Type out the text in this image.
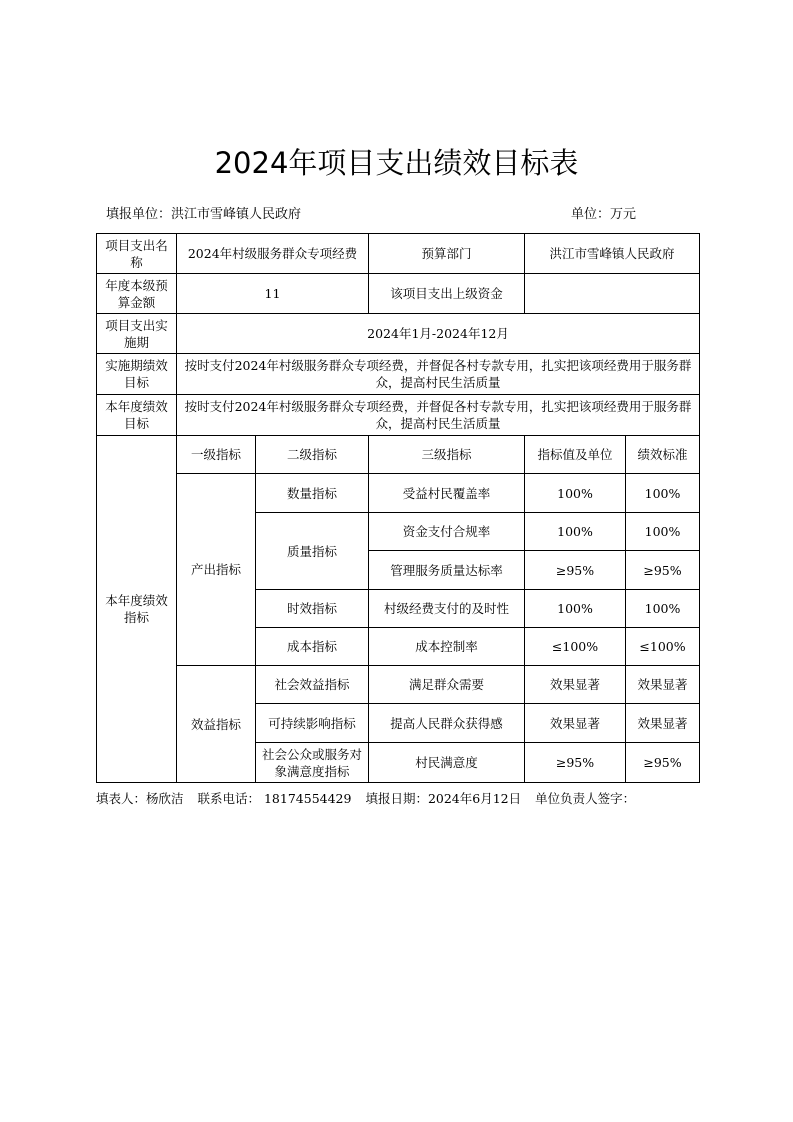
2024年项目支出绩效目标表
填报单位：洪江市雪峰镇人民政府	单位：万元
项目支出名称	2024年村级服务群众专项经费		预算部门	洪江市雪峰镇人民政府	
年度本级预算金额	11		该项目支出上级资金		
项目支出实施期	2024年1月-2024年12月				
实施期绩效目标	按时支付2024年村级服务群众专项经费，并督促各村专款专用，扎实把该项经费用于服务群众，提高村民生活质量				
本年度绩效目标	按时支付2024年村级服务群众专项经费，并督促各村专款专用，扎实把该项经费用于服务群众，提高村民生活质量				
本年度绩效指标	一级指标	二级指标	三级指标	指标值及单位	绩效标准
	产出指标	数量指标	受益村民覆盖率	100%	100%
		质量指标	资金支付合规率	100%	100%
			管理服务质量达标率	≥95%	≥95%
		时效指标	村级经费支付的及时性	100%	100%
		成本指标	成本控制率	≤100%	≤100%
	效益指标	社会效益指标	满足群众需要	效果显著	效果显著
		可持续影响指标	提高人民群众获得感	效果显著	效果显著
		社会公众或服务对象满意度指标	村民满意度	≥95%	≥95%
填表人：杨欣洁 联系电话： 18174554429 填报日期：2024年6月12日 单位负责人签字：
